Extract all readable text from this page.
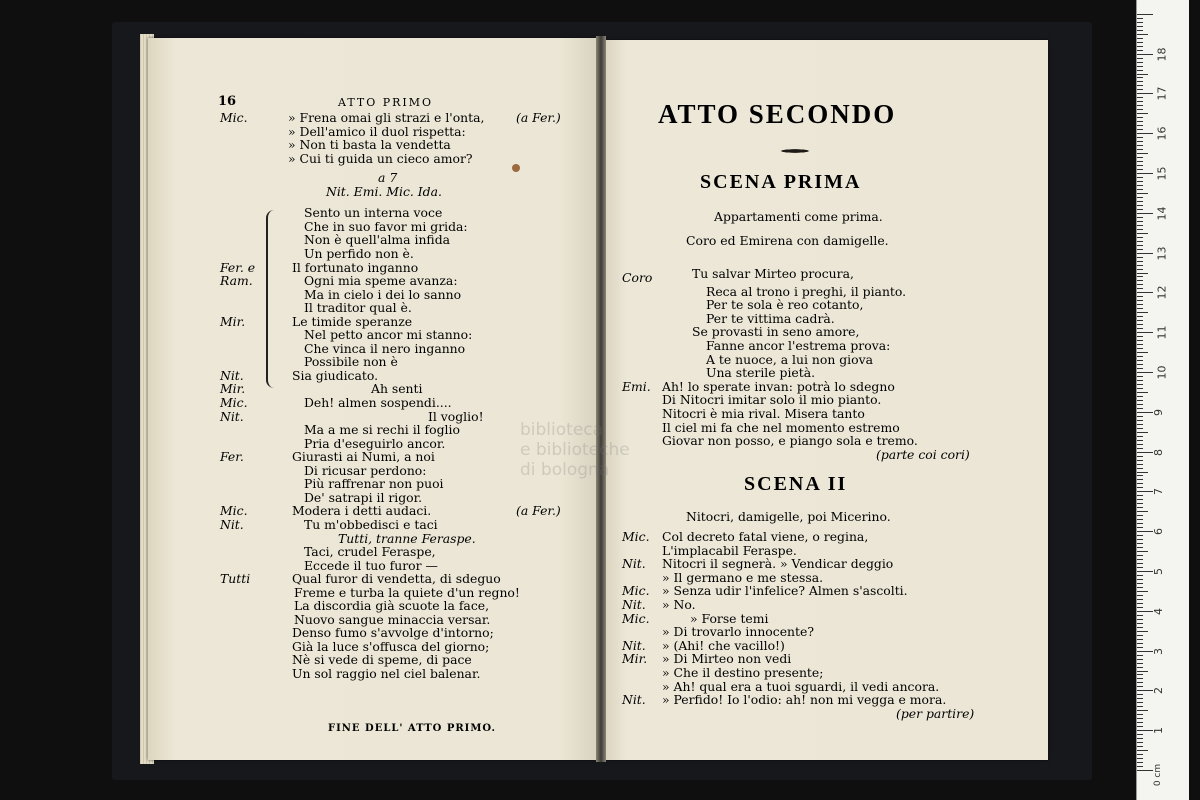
16	ATTO PRIMO
Mic.	» Frena omai gli strazi e l'onta,	(a Fer.)
» Dell'amico il duol rispetta:
» Non ti basta la vendetta
» Cui ti guida un cieco amor?
a 7
Nit. Emi. Mic. Ida.
Sento un interna voce
Che in suo favor mi grida:
Non è quell'alma infida
Un perfido non è.
Fer. e	Il fortunato inganno
Ram.	Ogni mia speme avanza:
Ma in cielo i dei lo sanno
Il traditor qual è.
Mir.	Le timide speranze
Nel petto ancor mi stanno:
Che vinca il nero inganno
Possibile non è
Nit.	Sia giudicato.
Mir.	Ah senti
Mic.	Deh! almen sospendi....
Nit.	Il voglio!
Ma a me si rechi il foglio
Pria d'eseguirlo ancor.
Fer.	Giurasti ai Numi, a noi
Di ricusar perdono:
Più raffrenar non puoi
De' satrapi il rigor.
Mic.	Modera i detti audaci.	(a Fer.)
Nit.	Tu m'obbedisci e taci
Tutti, tranne Feraspe.
Taci, crudel Feraspe,
Eccede il tuo furor —
Tutti	Qual furor di vendetta, di sdeguo
Freme e turba la quiete d'un regno!
La discordia già scuote la face,
Nuovo sangue minaccia versar.
Denso fumo s'avvolge d'intorno;
Già la luce s'offusca del giorno;
Nè si vede di speme, di pace
Un sol raggio nel ciel balenar.
FINE DELL' ATTO PRIMO.
ATTO SECONDO
SCENA PRIMA
Appartamenti come prima.
Coro ed Emirena con damigelle.
Coro	Tu salvar Mirteo procura,
Reca al trono i preghi, il pianto.
Per te sola è reo cotanto,
Per te vittima cadrà.
Se provasti in seno amore,
Fanne ancor l'estrema prova:
A te nuoce, a lui non giova
Una sterile pietà.
Emi. Ah! lo sperate invan: potrà lo sdegno
Di Nitocri imitar solo il mio pianto.
Nitocri è mia rival. Misera tanto
Il ciel mi fa che nel momento estremo
Giovar non posso, e piango sola e tremo.
(parte coi cori)
SCENA II
Nitocri, damigelle, poi Micerino.
Mic. Col decreto fatal viene, o regina,
L'implacabil Feraspe.
Nit. Nitocri il segnerà. » Vendicar deggio
» Il germano e me stessa.
Mic. » Senza udir l'infelice? Almen s'ascolti.
Nit. » No.
Mic.	» Forse temi
» Di trovarlo innocente?
Nit. » (Ahi! che vacillo!)
Mir. » Di Mirteo non vedi
» Che il destino presente;
» Ah! qual era a tuoi sguardi, il vedi ancora.
Nit. » Perfido! Io l'odio: ah! non mi vegga e mora.
(per partire)
biblioteca
e biblioteche
di bologna
0 cm
1
2
3
4
5
6
7
8
9
10
11
12
13
14
15
16
17
18
